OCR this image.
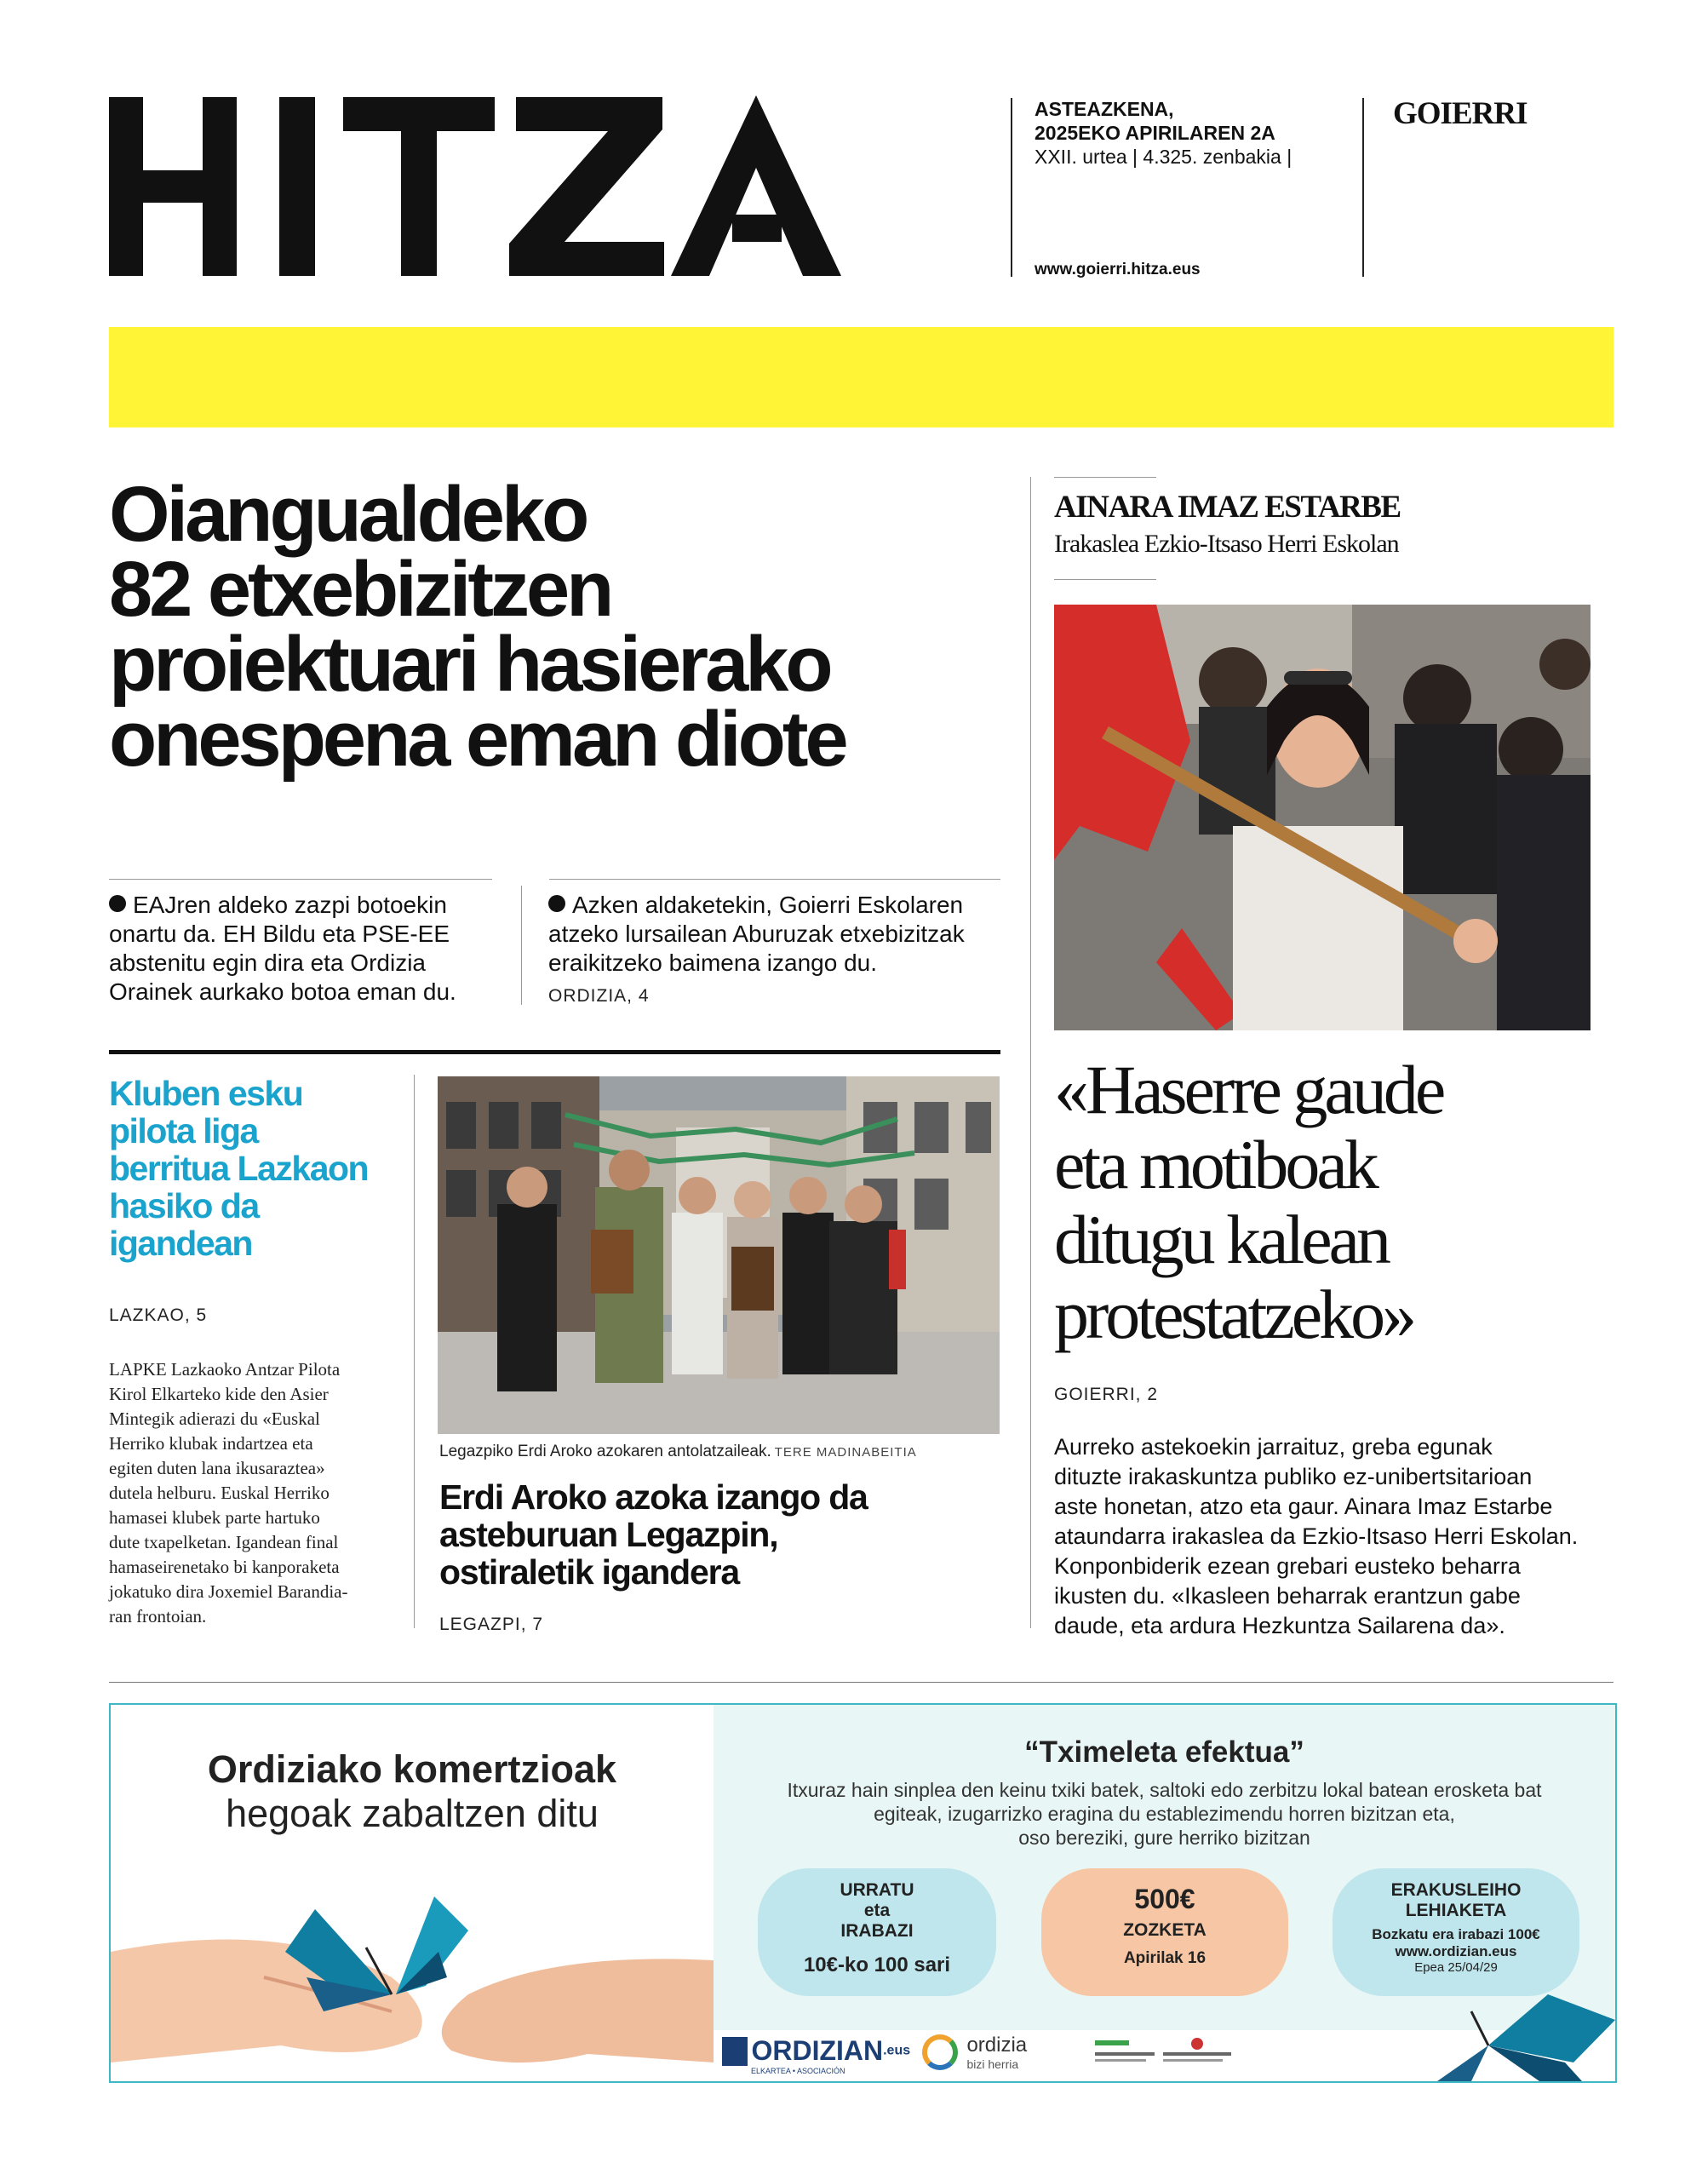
ASTEAZKENA,
2025EKO APIRILAREN 2A
XXII. urtea | 4.325. zenbakia |
www.goierri.hitza.eus
GOIERRI
Oiangualdeko
82 etxebizitzen
proiektuari hasierako
onespena eman diote
EAJren aldeko zazpi botoekin
onartu da. EH Bildu eta PSE-EE
abstenitu egin dira eta Ordizia
Orainek aurkako botoa eman du.
Azken aldaketekin, Goierri Eskolaren
atzeko lursailean Aburuzak etxebizitzak
eraikitzeko baimena izango du.
ORDIZIA, 4
Kluben esku
pilota liga
berritua Lazkaon
hasiko da
igandean
LAZKAO, 5
LAPKE Lazkaoko Antzar Pilota
Kirol Elkarteko kide den Asier
Mintegik adierazi du «Euskal
Herriko klubak indartzea eta
egiten duten lana ikusaraztea»
dutela helburu. Euskal Herriko
hamasei klubek parte hartuko
dute txapelketan. Igandean final
hamaseirenetako bi kanporaketa
jokatuko dira Joxemiel Barandia-
ran frontoian.
Legazpiko Erdi Aroko azokaren antolatzaileak. TERE MADINABEITIA
Erdi Aroko azoka izango da
asteburuan Legazpin,
ostiraletik igandera
LEGAZPI, 7
AINARA IMAZ ESTARBE
Irakaslea Ezkio-Itsaso Herri Eskolan
«Haserre gaude
eta motiboak
ditugu kalean
protestatzeko»
GOIERRI, 2
Aurreko astekoekin jarraituz, greba egunak
dituzte irakaskuntza publiko ez-unibertsitarioan
aste honetan, atzo eta gaur. Ainara Imaz Estarbe
ataundarra irakaslea da Ezkio-Itsaso Herri Eskolan.
Konponbiderik ezean grebari eusteko beharra
ikusten du. «Ikasleen beharrak erantzun gabe
daude, eta ardura Hezkuntza Sailarena da».
Ordiziako komertzioak
hegoak zabaltzen ditu
“Tximeleta efektua”
Itxuraz hain sinplea den keinu txiki batek, saltoki edo zerbitzu lokal batean erosketa bat
egiteak, izugarrizko eragina du establezimendu horren bizitzan eta,
oso bereziki, gure herriko bizitzan
URRATU
eta
IRABAZI
10€-ko 100 sari
500€
ZOZKETA
Apirilak 16
ERAKUSLEIHO
LEHIAKETA
Bozkatu era irabazi 100€
www.ordizian.eus
Epea 25/04/29
ORDIZIAN.eus
ELKARTEA • ASOCIACIÓN

ordizia
bizi herria
